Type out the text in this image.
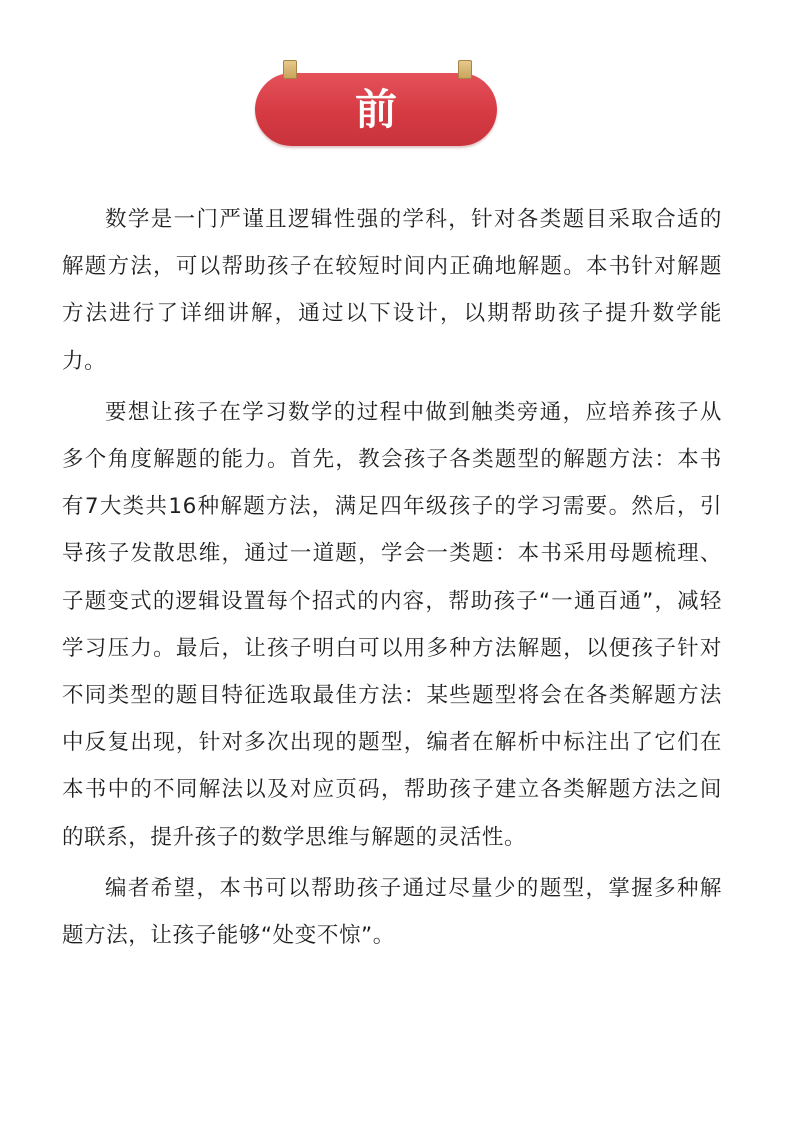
前 言

数学是一门严谨且逻辑性强的学科，针对各类题目采取合适的解题方法，可以帮助孩子在较短时间内正确地解题。本书针对解题方法进行了详细讲解，通过以下设计，以期帮助孩子提升数学能力。

要想让孩子在学习数学的过程中做到触类旁通，应培养孩子从多个角度解题的能力。首先，教会孩子各类题型的解题方法：本书有7大类共16种解题方法，满足四年级孩子的学习需要。然后，引导孩子发散思维，通过一道题，学会一类题：本书采用母题梳理、子题变式的逻辑设置每个招式的内容，帮助孩子“一通百通”，减轻学习压力。最后，让孩子明白可以用多种方法解题，以便孩子针对不同类型的题目特征选取最佳方法：某些题型将会在各类解题方法中反复出现，针对多次出现的题型，编者在解析中标注出了它们在本书中的不同解法以及对应页码，帮助孩子建立各类解题方法之间的联系，提升孩子的数学思维与解题的灵活性。

编者希望，本书可以帮助孩子通过尽量少的题型，掌握多种解题方法，让孩子能够“处变不惊”。
